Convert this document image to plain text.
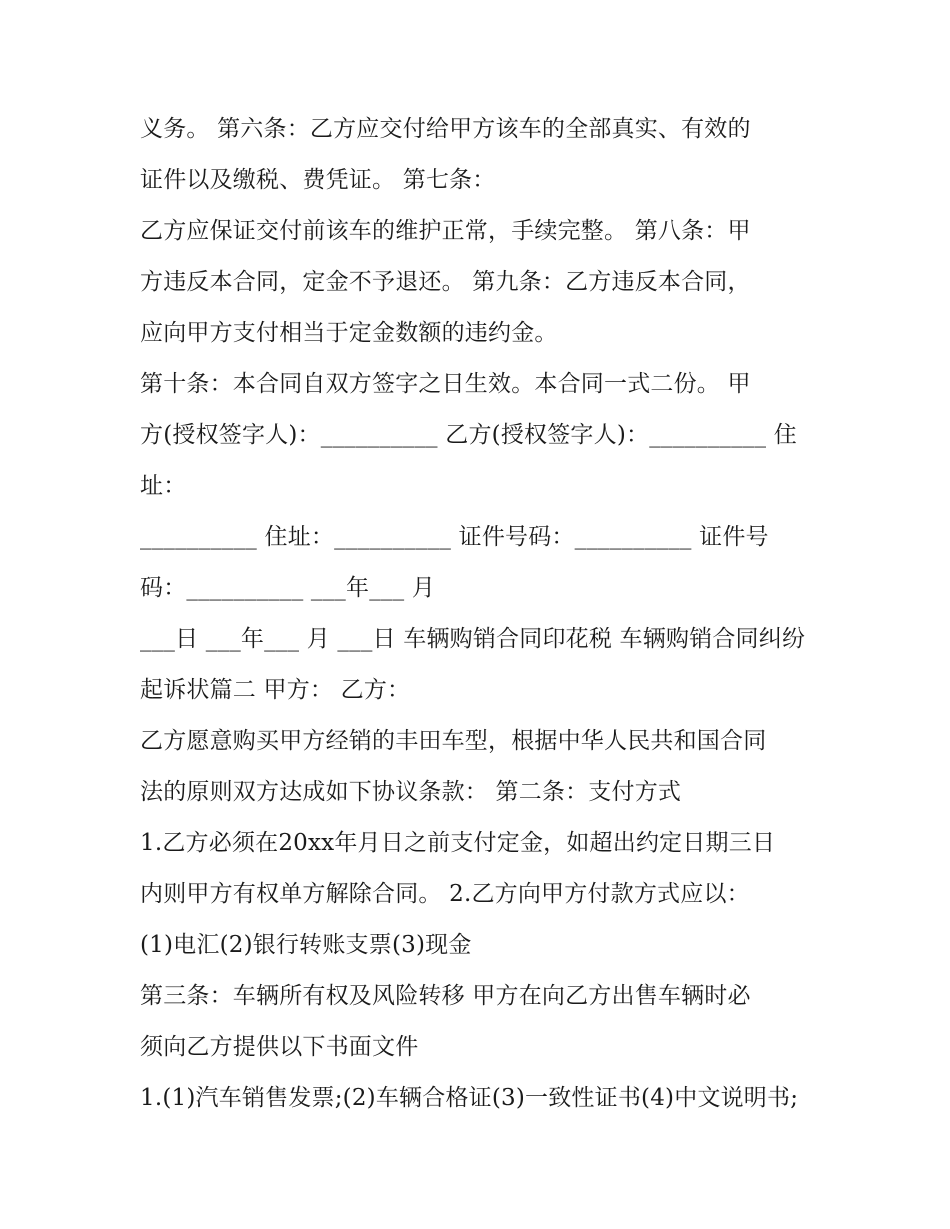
义务。 第六条：乙方应交付给甲方该车的全部真实、有效的
证件以及缴税、费凭证。 第七条：
乙方应保证交付前该车的维护正常，手续完整。 第八条：甲
方违反本合同，定金不予退还。 第九条：乙方违反本合同，
应向甲方支付相当于定金数额的违约金。
第十条：本合同自双方签字之日生效。本合同一式二份。 甲
方(授权签字人)：__________ 乙方(授权签字人)：__________ 住
址：
__________ 住址：__________ 证件号码：__________ 证件号
码：__________ ___年___ 月
___日 ___年___ 月 ___日 车辆购销合同印花税 车辆购销合同纠纷
起诉状篇二 甲方： 乙方：
乙方愿意购买甲方经销的丰田车型，根据中华人民共和国合同
法的原则双方达成如下协议条款： 第二条：支付方式
1.乙方必须在20xx年月日之前支付定金，如超出约定日期三日
内则甲方有权单方解除合同。 2.乙方向甲方付款方式应以：
(1)电汇(2)银行转账支票(3)现金
第三条：车辆所有权及风险转移 甲方在向乙方出售车辆时必
须向乙方提供以下书面文件
1.(1)汽车销售发票;(2)车辆合格证(3)一致性证书(4)中文说明书;
